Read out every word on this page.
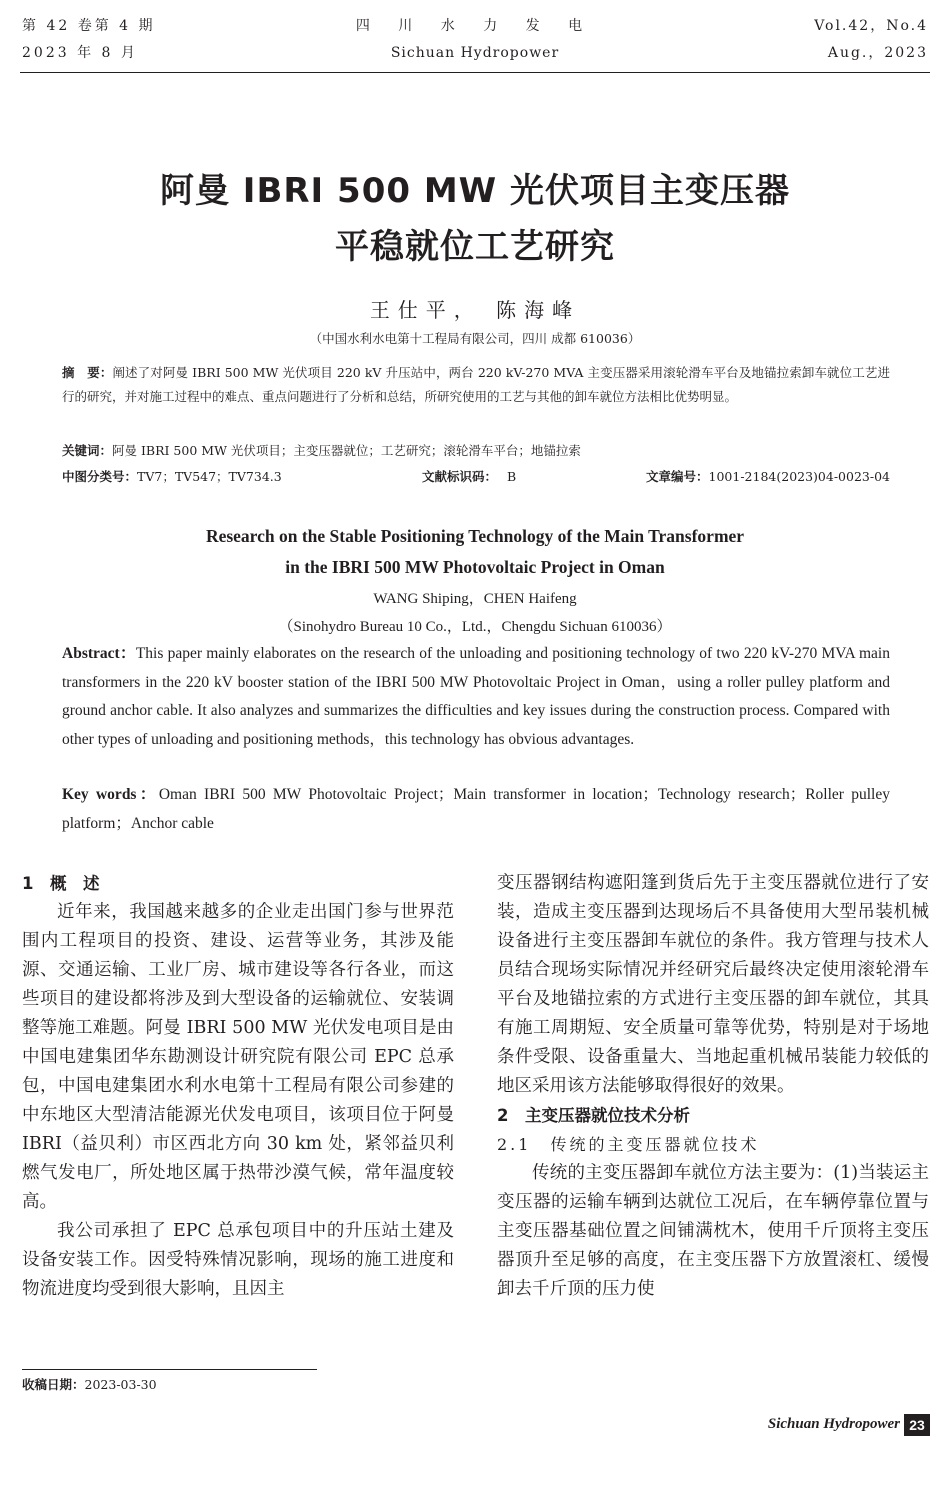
第 42 卷第 4 期
2023 年 8 月
四 川 水 力 发 电
Sichuan Hydropower
Vol.42，No.4
Aug.，2023
阿曼 IBRI 500 MW 光伏项目主变压器
平稳就位工艺研究
王仕平， 陈海峰
（中国水利水电第十工程局有限公司，四川 成都 610036）
摘　要：阐述了对阿曼 IBRI 500 MW 光伏项目 220 kV 升压站中，两台 220 kV-270 MVA 主变压器采用滚轮滑车平台及地锚拉索卸车就位工艺进行的研究，并对施工过程中的难点、重点问题进行了分析和总结，所研究使用的工艺与其他的卸车就位方法相比优势明显。
关键词：阿曼 IBRI 500 MW 光伏项目；主变压器就位；工艺研究；滚轮滑车平台；地锚拉索
中图分类号：TV7；TV547；TV734.3	文献标识码： B	文章编号：1001-2184(2023)04-0023-04
Research on the Stable Positioning Technology of the Main Transformer
in the IBRI 500 MW Photovoltaic Project in Oman
WANG Shiping，CHEN Haifeng
（Sinohydro Bureau 10 Co.，Ltd.，Chengdu Sichuan 610036）
Abstract：This paper mainly elaborates on the research of the unloading and positioning technology of two 220 kV-270 MVA main transformers in the 220 kV booster station of the IBRI 500 MW Photovoltaic Project in Oman，using a roller pulley platform and ground anchor cable. It also analyzes and summarizes the difficulties and key issues during the construction process. Compared with other types of unloading and positioning methods，this technology has obvious advantages.
Key words：Oman IBRI 500 MW Photovoltaic Project；Main transformer in location；Technology research；Roller pulley platform；Anchor cable

1　概　述

近年来，我国越来越多的企业走出国门参与世界范围内工程项目的投资、建设、运营等业务，其涉及能源、交通运输、工业厂房、城市建设等各行各业，而这些项目的建设都将涉及到大型设备的运输就位、安装调整等施工难题。阿曼 IBRI 500 MW 光伏发电项目是由中国电建集团华东勘测设计研究院有限公司 EPC 总承包，中国电建集团水利水电第十工程局有限公司参建的中东地区大型清洁能源光伏发电项目，该项目位于阿曼 IBRI（益贝利）市区西北方向 30 km 处，紧邻益贝利燃气发电厂，所处地区属于热带沙漠气候，常年温度较高。

我公司承担了 EPC 总承包项目中的升压站土建及设备安装工作。因受特殊情况影响，现场的施工进度和物流进度均受到很大影响，且因主

收稿日期：2023-03-30

变压器钢结构遮阳篷到货后先于主变压器就位进行了安装，造成主变压器到达现场后不具备使用大型吊装机械设备进行主变压器卸车就位的条件。我方管理与技术人员结合现场实际情况并经研究后最终决定使用滚轮滑车平台及地锚拉索的方式进行主变压器的卸车就位，其具有施工周期短、安全质量可靠等优势，特别是对于场地条件受限、设备重量大、当地起重机械吊装能力较低的地区采用该方法能够取得很好的效果。

2　主变压器就位技术分析

2.1　传统的主变压器就位技术

传统的主变压器卸车就位方法主要为：(1)当装运主变压器的运输车辆到达就位工况后，在车辆停靠位置与主变压器基础位置之间铺满枕木，使用千斤顶将主变压器顶升至足够的高度，在主变压器下方放置滚杠、缓慢卸去千斤顶的压力使

Sichuan Hydropower 23
